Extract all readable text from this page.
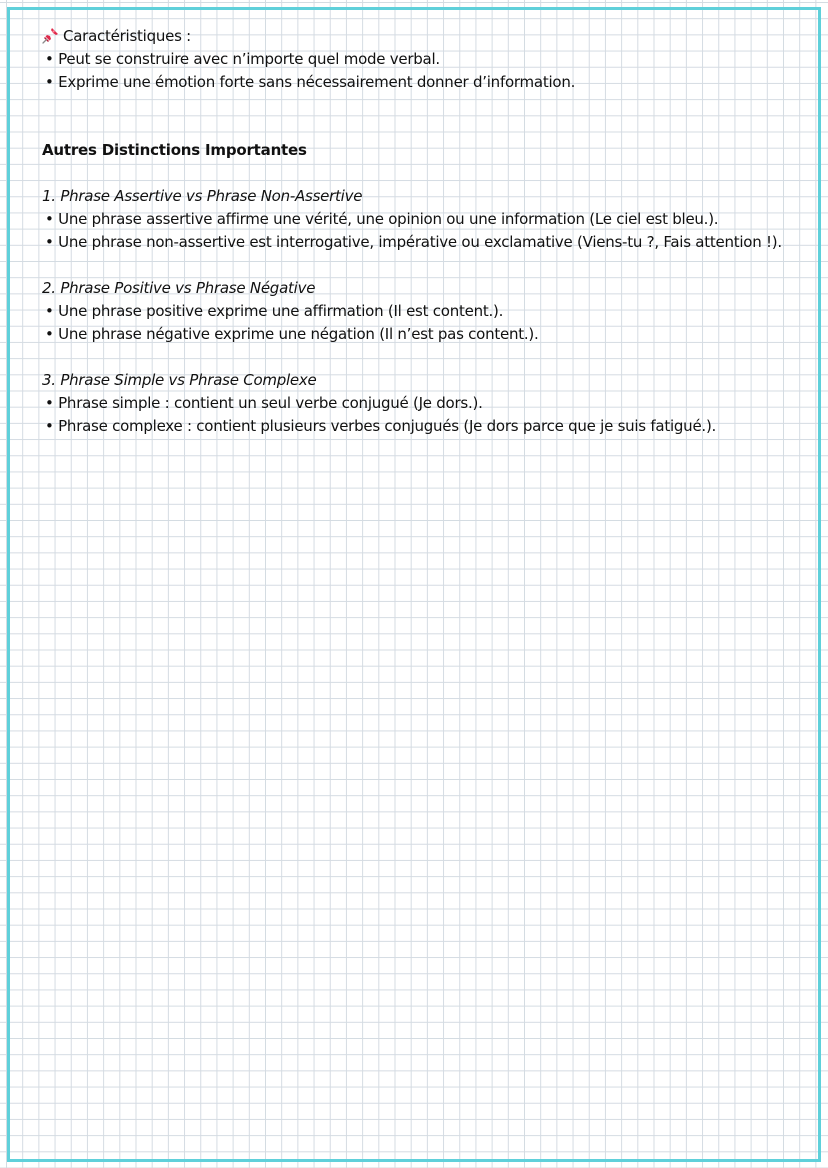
Caractéristiques :
• Peut se construire avec n’importe quel mode verbal.
• Exprime une émotion forte sans nécessairement donner d’information.
Autres Distinctions Importantes
1. Phrase Assertive vs Phrase Non-Assertive
• Une phrase assertive affirme une vérité, une opinion ou une information (Le ciel est bleu.).
• Une phrase non-assertive est interrogative, impérative ou exclamative (Viens-tu ?, Fais attention !).
2. Phrase Positive vs Phrase Négative
• Une phrase positive exprime une affirmation (Il est content.).
• Une phrase négative exprime une négation (Il n’est pas content.).
3. Phrase Simple vs Phrase Complexe
• Phrase simple : contient un seul verbe conjugué (Je dors.).
• Phrase complexe : contient plusieurs verbes conjugués (Je dors parce que je suis fatigué.).
